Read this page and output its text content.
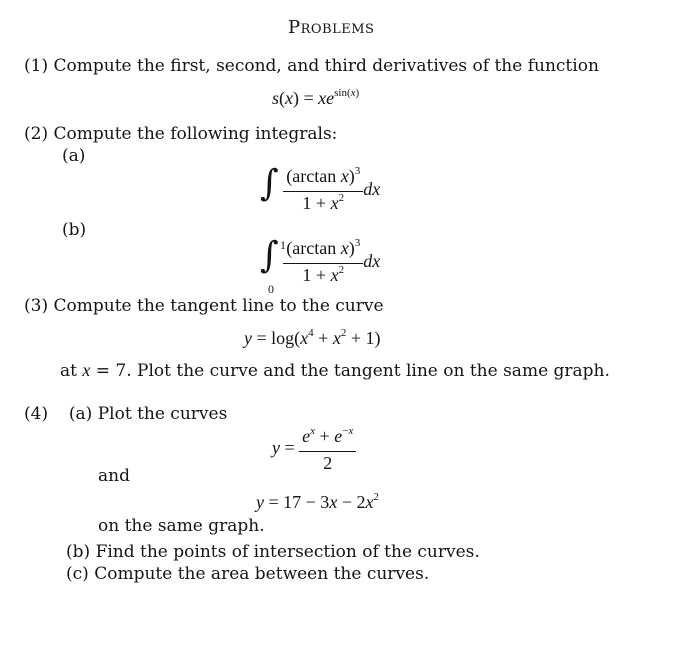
Problems
(1) Compute the first, second, and third derivatives of the function
$s(x) = xe^{sin(x)}$
(2) Compute the following integrals:
(a)
∫ $\frac{(\arctan x)^3}{1 + x^2}$ dx
(b)
∫ $\frac{(\arctan x)^3}{1 + x^2}$ dx
1
0
(3) Compute the tangent line to the curve
$y = \log(x^4 + x^2 + 1)$
at x = 7. Plot the curve and the tangent line on the same graph.
(4) (a) Plot the curves
$y = \frac{e^x + e^{-x}}{2}$
and
$y = 17 - 3x - 2x^2$
on the same graph.
(b) Find the points of intersection of the curves.
(c) Compute the area between the curves.
